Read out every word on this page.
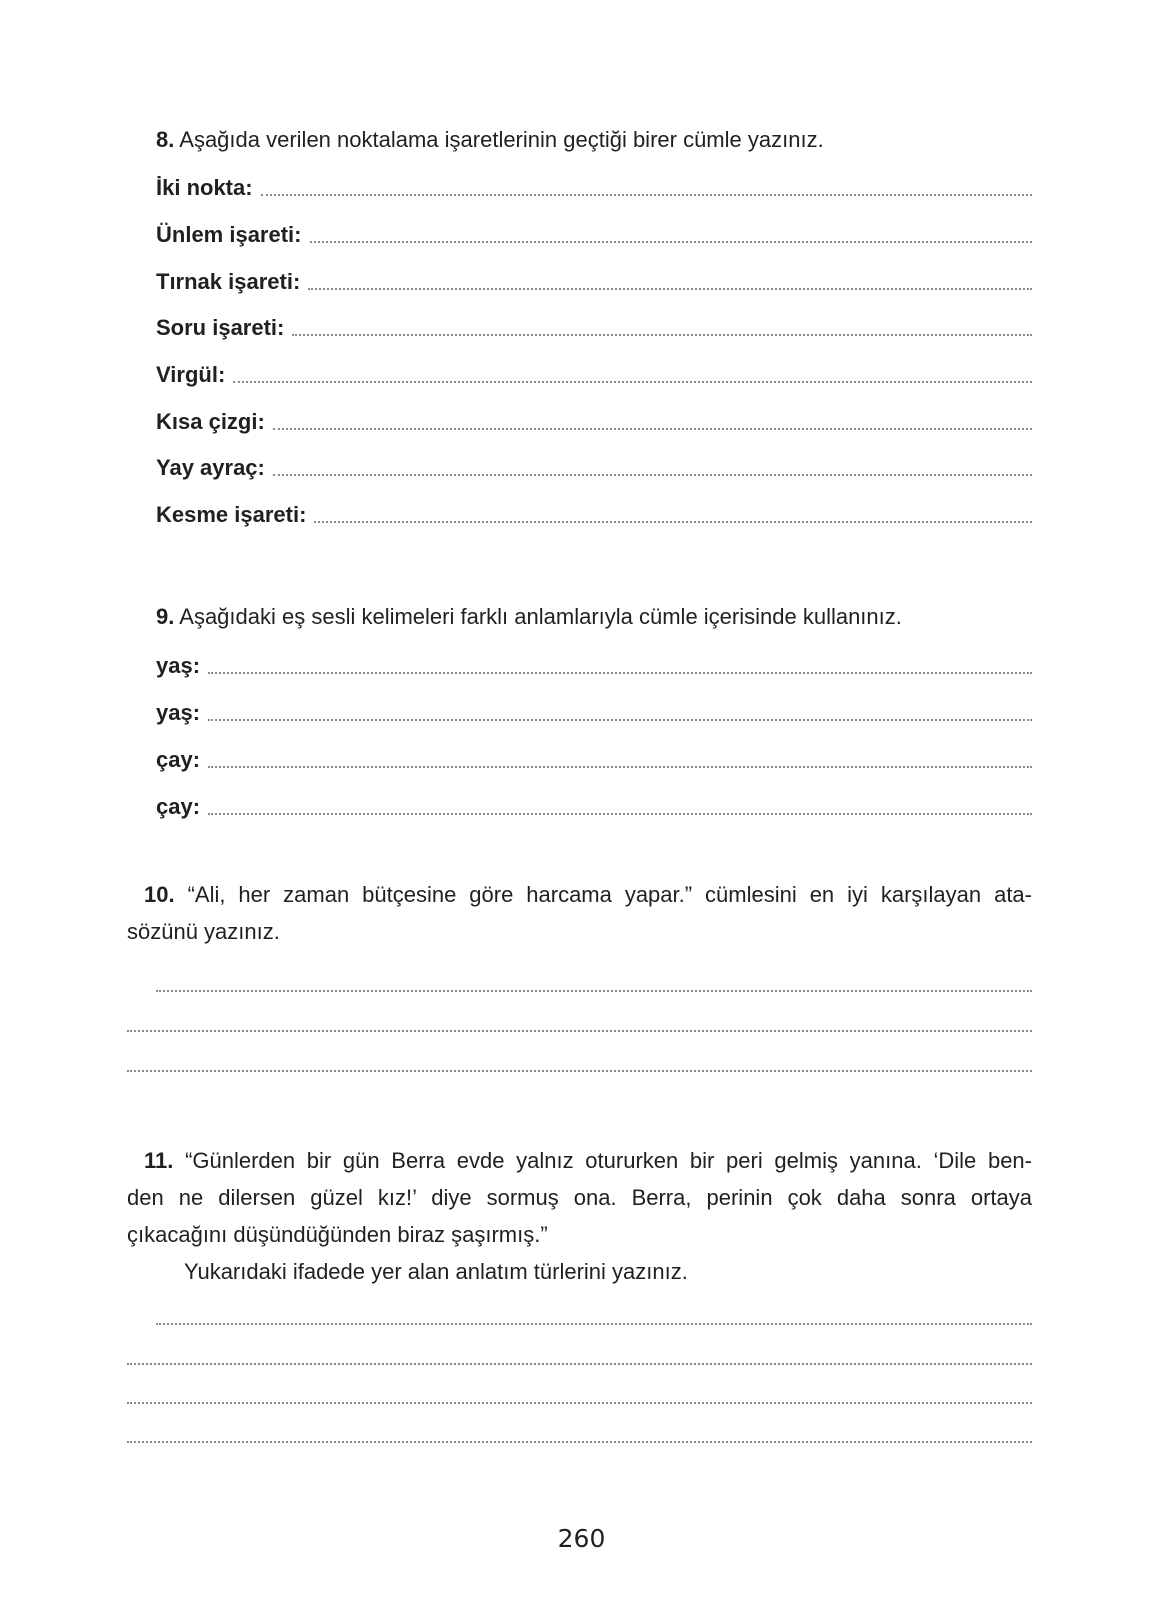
8. Aşağıda verilen noktalama işaretlerinin geçtiği birer cümle yazınız.
İki nokta:
Ünlem işareti:
Tırnak işareti:
Soru işareti:
Virgül:
Kısa çizgi:
Yay ayraç:
Kesme işareti:
9. Aşağıdaki eş sesli kelimeleri farklı anlamlarıyla cümle içerisinde kullanınız.
yaş:
yaş:
çay:
çay:
10. “Ali, her zaman bütçesine göre harcama yapar.” cümlesini en iyi karşılayan ata-
sözünü yazınız.
11. “Günlerden bir gün Berra evde yalnız otururken bir peri gelmiş yanına. ‘Dile ben-
den ne dilersen güzel kız!’ diye sormuş ona. Berra, perinin çok daha sonra ortaya
çıkacağını düşündüğünden biraz şaşırmış.”
Yukarıdaki ifadede yer alan anlatım türlerini yazınız.
260
